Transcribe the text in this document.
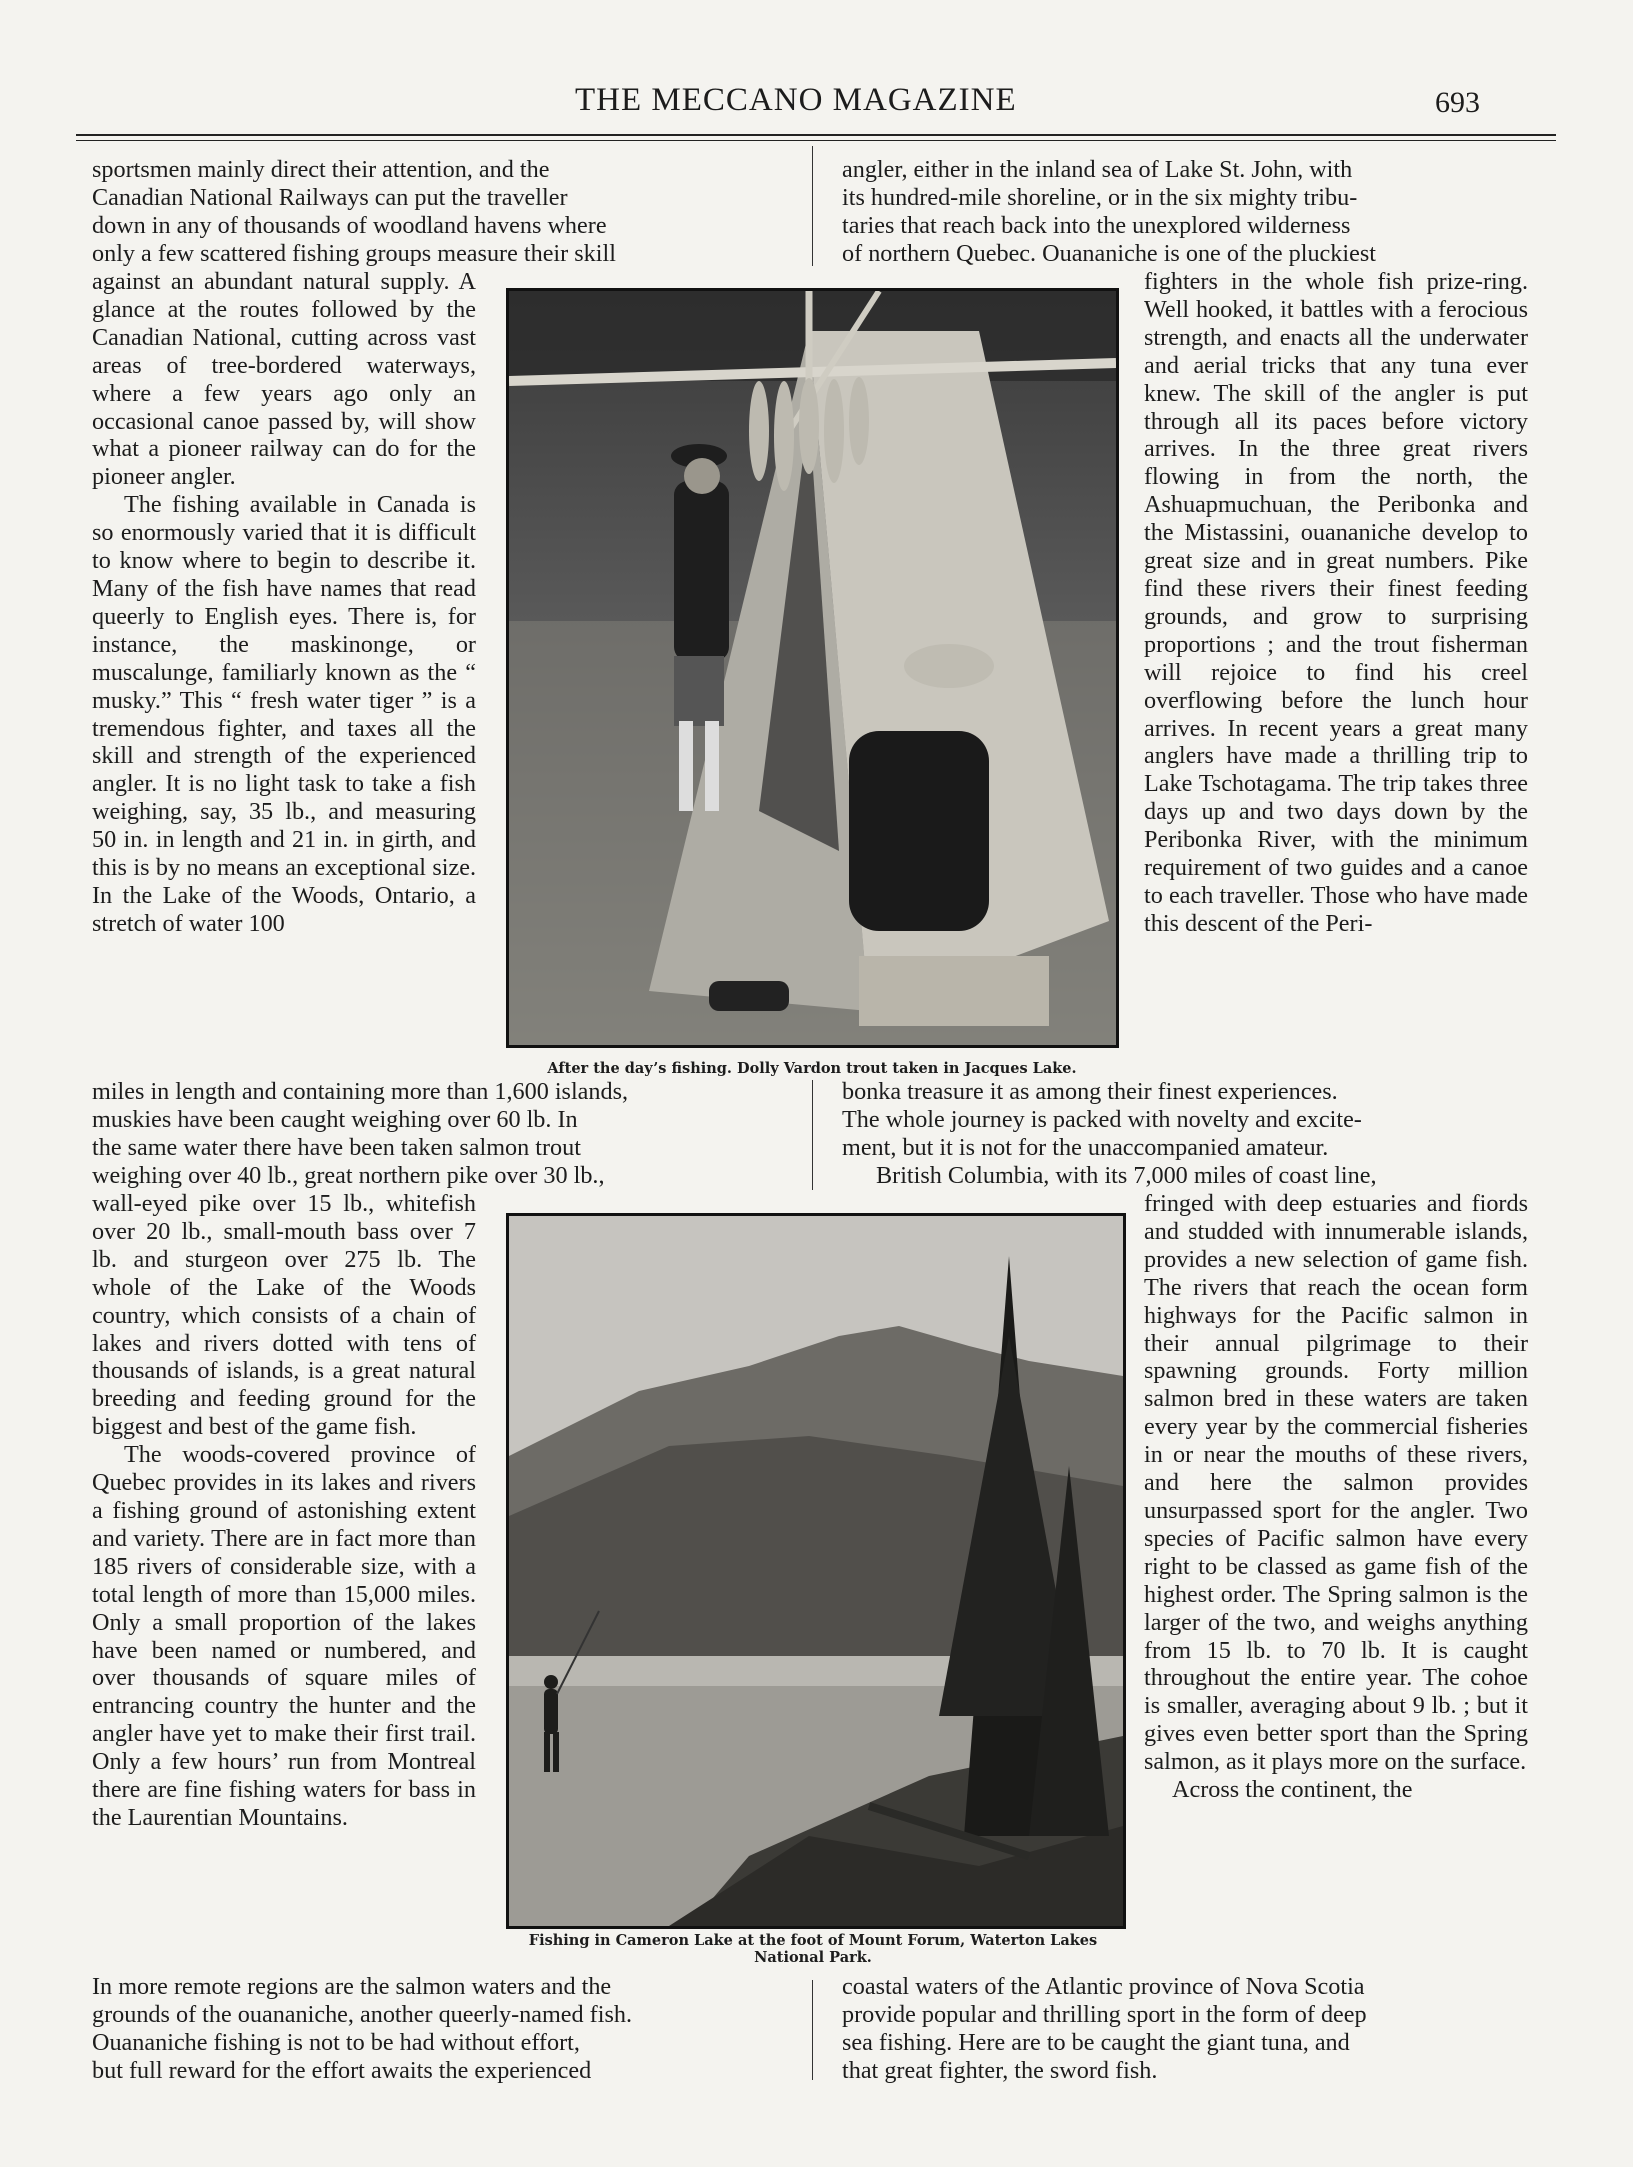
THE MECCANO MAGAZINE	693

sportsmen mainly direct their attention, and the

Canadian National Railways can put the traveller

down in any of thousands of woodland havens where

only a few scattered fishing groups measure their skill

against an abundant natural supply. A glance at the routes followed by the Canadian National, cutting across vast areas of tree-bordered waterways, where a few years ago only an occasional canoe passed by, will show what a pioneer railway can do for the pioneer angler.

The fishing available in Canada is so enormously varied that it is difficult to know where to begin to describe it. Many of the fish have names that read queerly to English eyes. There is, for instance, the maskinonge, or muscalunge, familiarly known as the “ musky.” This “ fresh water tiger ” is a tremendous fighter, and taxes all the skill and strength of the experienced angler. It is no light task to take a fish weighing, say, 35 lb., and measuring 50 in. in length and 21 in. in girth, and this is by no means an exceptional size. In the Lake of the Woods, Ontario, a stretch of water 100

miles in length and containing more than 1,600 islands,

muskies have been caught weighing over 60 lb. In

the same water there have been taken salmon trout

weighing over 40 lb., great northern pike over 30 lb.,

wall-eyed pike over 15 lb., whitefish over 20 lb., small-mouth bass over 7 lb. and sturgeon over 275 lb. The whole of the Lake of the Woods country, which consists of a chain of lakes and rivers dotted with tens of thousands of islands, is a great natural breeding and feeding ground for the biggest and best of the game fish.

The woods-covered province of Quebec provides in its lakes and rivers a fishing ground of astonishing extent and variety. There are in fact more than 185 rivers of considerable size, with a total length of more than 15,000 miles. Only a small proportion of the lakes have been named or numbered, and over thousands of square miles of entrancing country the hunter and the angler have yet to make their first trail. Only a few hours’ run from Montreal there are fine fishing waters for bass in the Laurentian Mountains.

In more remote regions are the salmon waters and the

grounds of the ouananiche, another queerly-named fish.

Ouananiche fishing is not to be had without effort,

but full reward for the effort awaits the experienced

angler, either in the inland sea of Lake St. John, with

its hundred-mile shoreline, or in the six mighty tribu-

taries that reach back into the unexplored wilderness

of northern Quebec. Ouananiche is one of the pluckiest

fighters in the whole fish prize-ring. Well hooked, it battles with a ferocious strength, and enacts all the underwater and aerial tricks that any tuna ever knew. The skill of the angler is put through all its paces before victory arrives. In the three great rivers flowing in from the north, the Ashuapmuchuan, the Peribonka and the Mistassini, ouananiche develop to great size and in great numbers. Pike find these rivers their finest feeding grounds, and grow to surprising proportions ; and the trout fisherman will rejoice to find his creel overflowing before the lunch hour arrives. In recent years a great many anglers have made a thrilling trip to Lake Tschotagama. The trip takes three days up and two days down by the Peribonka River, with the minimum requirement of two guides and a canoe to each traveller. Those who have made this descent of the Peri-

bonka treasure it as among their finest experiences.

The whole journey is packed with novelty and excite-

ment, but it is not for the unaccompanied amateur.

British Columbia, with its 7,000 miles of coast line,

fringed with deep estuaries and fiords and studded with innumerable islands, provides a new selection of game fish. The rivers that reach the ocean form highways for the Pacific salmon in their annual pilgrimage to their spawning grounds. Forty million salmon bred in these waters are taken every year by the commercial fisheries in or near the mouths of these rivers, and here the salmon provides unsurpassed sport for the angler. Two species of Pacific salmon have every right to be classed as game fish of the highest order. The Spring salmon is the larger of the two, and weighs anything from 15 lb. to 70 lb. It is caught throughout the entire year. The cohoe is smaller, averaging about 9 lb. ; but it gives even better sport than the Spring salmon, as it plays more on the surface.

Across the continent, the

coastal waters of the Atlantic province of Nova Scotia

provide popular and thrilling sport in the form of deep

sea fishing. Here are to be caught the giant tuna, and

that great fighter, the sword fish.

After the day’s fishing. Dolly Vardon trout taken in Jacques Lake.
Fishing in Cameron Lake at the foot of Mount Forum, Waterton Lakes National Park.
